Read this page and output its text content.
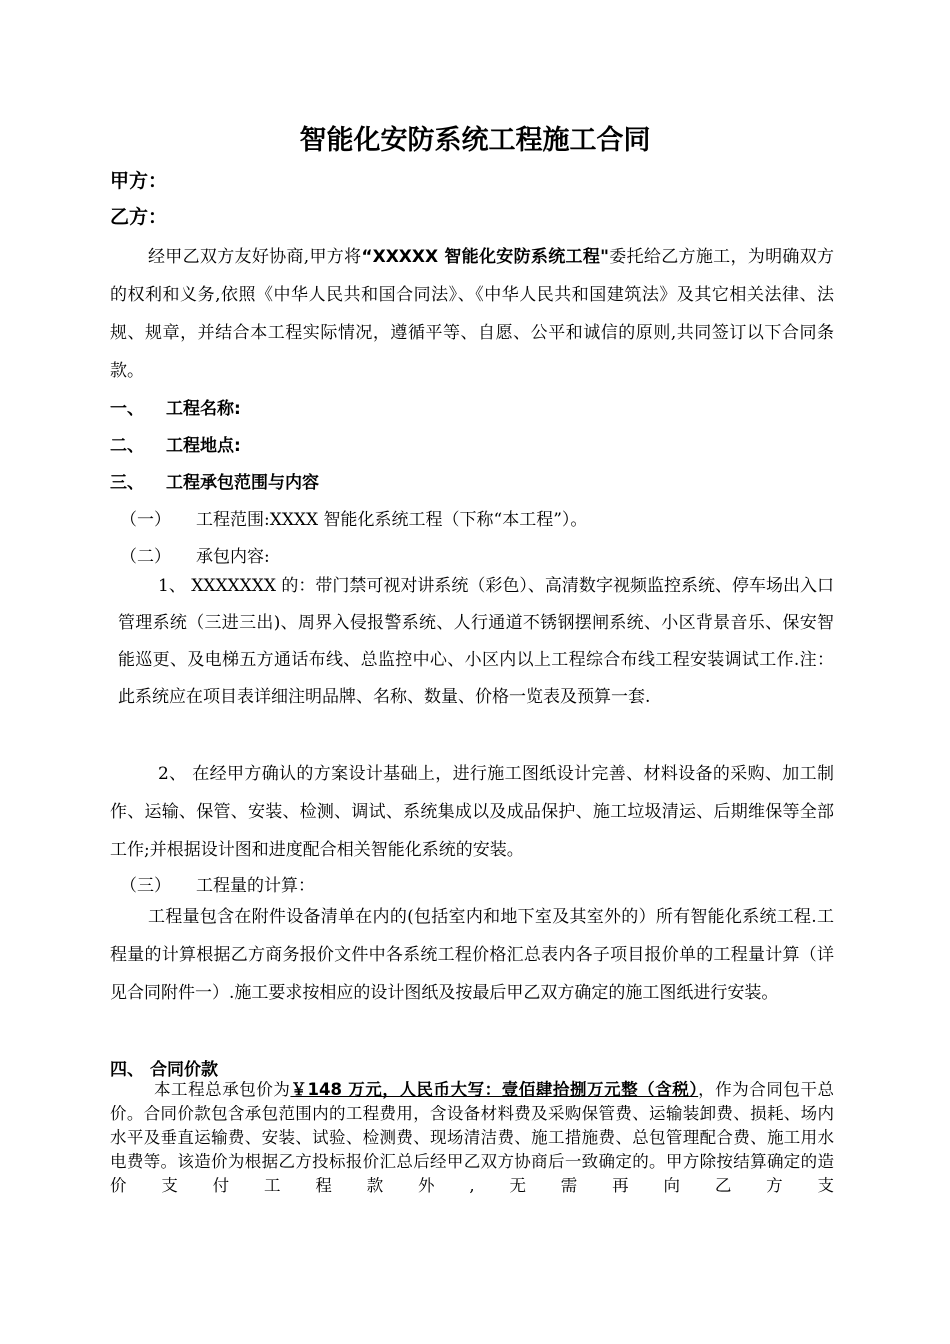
智能化安防系统工程施工合同
甲方：
乙方：

经甲乙双方友好协商,甲方将“XXXXX 智能化安防系统工程"委托给乙方施工，为明确双方的权利和义务,依照《中华人民共和国合同法》、《中华人民共和国建筑法》及其它相关法律、法规、规章，并结合本工程实际情况，遵循平等、自愿、公平和诚信的原则,共同签订以下合同条款。

一、 工程名称:
二、 工程地点:
三、 工程承包范围与内容
（一） 工程范围:XXXX 智能化系统工程（下称“本工程”）。
（二） 承包内容:

1、 XXXXXXX 的：带门禁可视对讲系统（彩色）、高清数字视频监控系统、停车场出入口管理系统（三进三出)、周界入侵报警系统、人行通道不锈钢摆闸系统、小区背景音乐、保安智能巡更、及电梯五方通话布线、总监控中心、小区内以上工程综合布线工程安装调试工作.注：此系统应在项目表详细注明品牌、名称、数量、价格一览表及预算一套.

2、 在经甲方确认的方案设计基础上，进行施工图纸设计完善、材料设备的采购、加工制作、运输、保管、安装、检测、调试、系统集成以及成品保护、施工垃圾清运、后期维保等全部工作;并根据设计图和进度配合相关智能化系统的安装。

（三） 工程量的计算：

工程量包含在附件设备清单在内的(包括室内和地下室及其室外的）所有智能化系统工程.工程量的计算根据乙方商务报价文件中各系统工程价格汇总表内各子项目报价单的工程量计算（详见合同附件一）.施工要求按相应的设计图纸及按最后甲乙双方确定的施工图纸进行安装。

四、 合同价款

本工程总承包价为￥148 万元，人民币大写：壹佰肆拾捌万元整（含税），作为合同包干总价。合同价款包含承包范围内的工程费用，含设备材料费及采购保管费、运输装卸费、损耗、场内水平及垂直运输费、安装、试验、检测费、现场清洁费、施工措施费、总包管理配合费、施工用水电费等。该造价为根据乙方投标报价汇总后经甲乙双方协商后一致确定的。甲方除按结算确定的造价支付工程款外,无需再向乙方支
